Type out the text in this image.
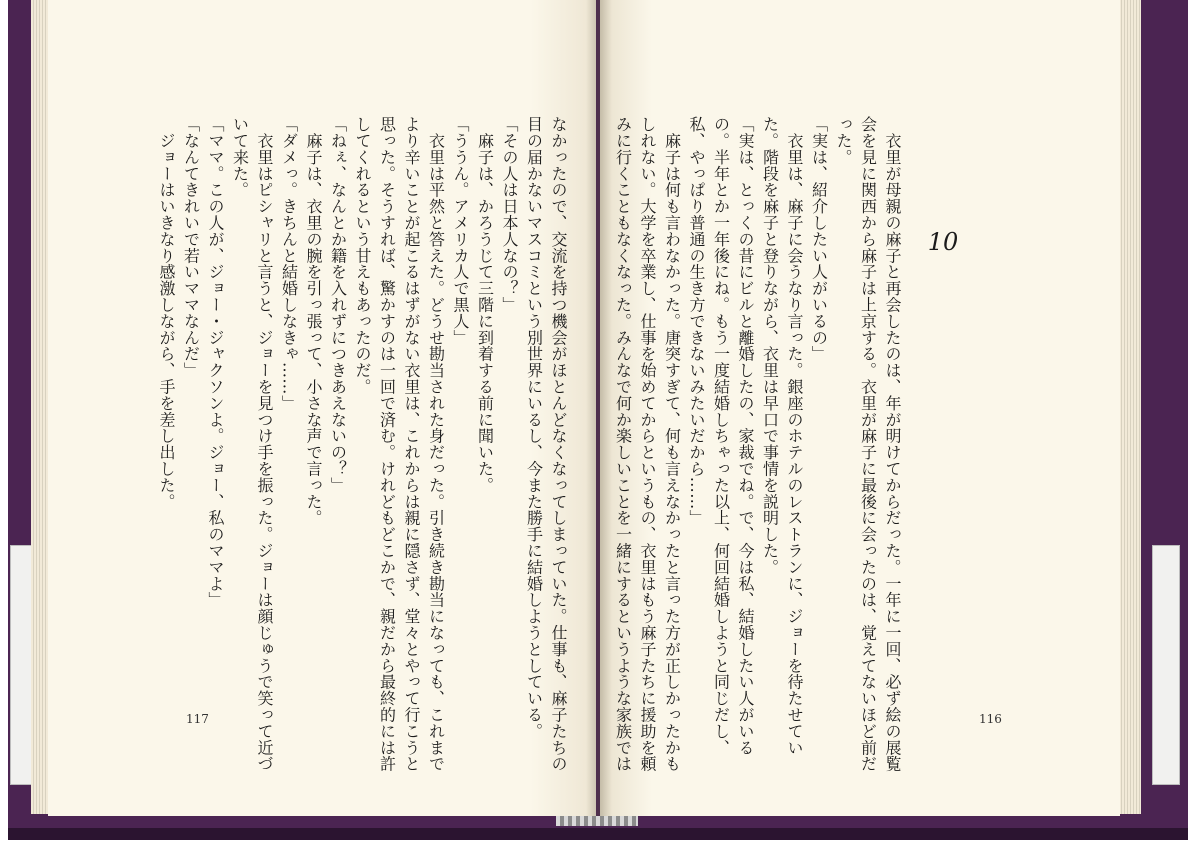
　衣里が母親の麻子と再会したのは、年が明けてからだった。一年に一回、必ず絵の展覧
会を見に関西から麻子は上京する。衣里が麻子に最後に会ったのは、覚えてないほど前だ
った。
「実は、紹介したい人がいるの」
　衣里は、麻子に会うなり言った。銀座のホテルのレストランに、ジョーを待たせてい
た。階段を麻子と登りながら、衣里は早口で事情を説明した。
「実は、とっくの昔にビルと離婚したの、家裁でね。で、今は私、結婚したい人がいる
の。半年とか一年後にね。もう一度結婚しちゃった以上、何回結婚しようと同じだし、
私、やっぱり普通の生き方できないみたいだから……」
　麻子は何も言わなかった。唐突すぎて、何も言えなかったと言った方が正しかったかも
しれない。大学を卒業し、仕事を始めてからというもの、衣里はもう麻子たちに援助を頼
みに行くこともなくなった。みんなで何か楽しいことを一緒にするというような家族では	10
116
なかったので、交流を持つ機会がほとんどなくなってしまっていた。仕事も、麻子たちの
目の届かないマスコミという別世界にいるし、今また勝手に結婚しようとしている。
「その人は日本人なの？」
　麻子は、かろうじて三階に到着する前に聞いた。
「ううん。アメリカ人で黒人」
　衣里は平然と答えた。どうせ勘当された身だった。引き続き勘当になっても、これまで
より辛いことが起こるはずがない衣里は、これからは親に隠さず、堂々とやって行こうと
思った。そうすれば、驚かすのは一回で済む。けれどもどこかで、親だから最終的には許
してくれるという甘えもあったのだ。
「ねぇ、なんとか籍を入れずにつきあえないの？」
　麻子は、衣里の腕を引っ張って、小さな声で言った。
「ダメっ。きちんと結婚しなきゃ……」
　衣里はピシャリと言うと、ジョーを見つけ手を振った。ジョーは顔じゅうで笑って近づ
いて来た。
「ママ。この人が、ジョー・ジャクソンよ。ジョー、私のママよ」
「なんてきれいで若いママなんだ」
　ジョーはいきなり感激しながら、手を差し出した。
117
